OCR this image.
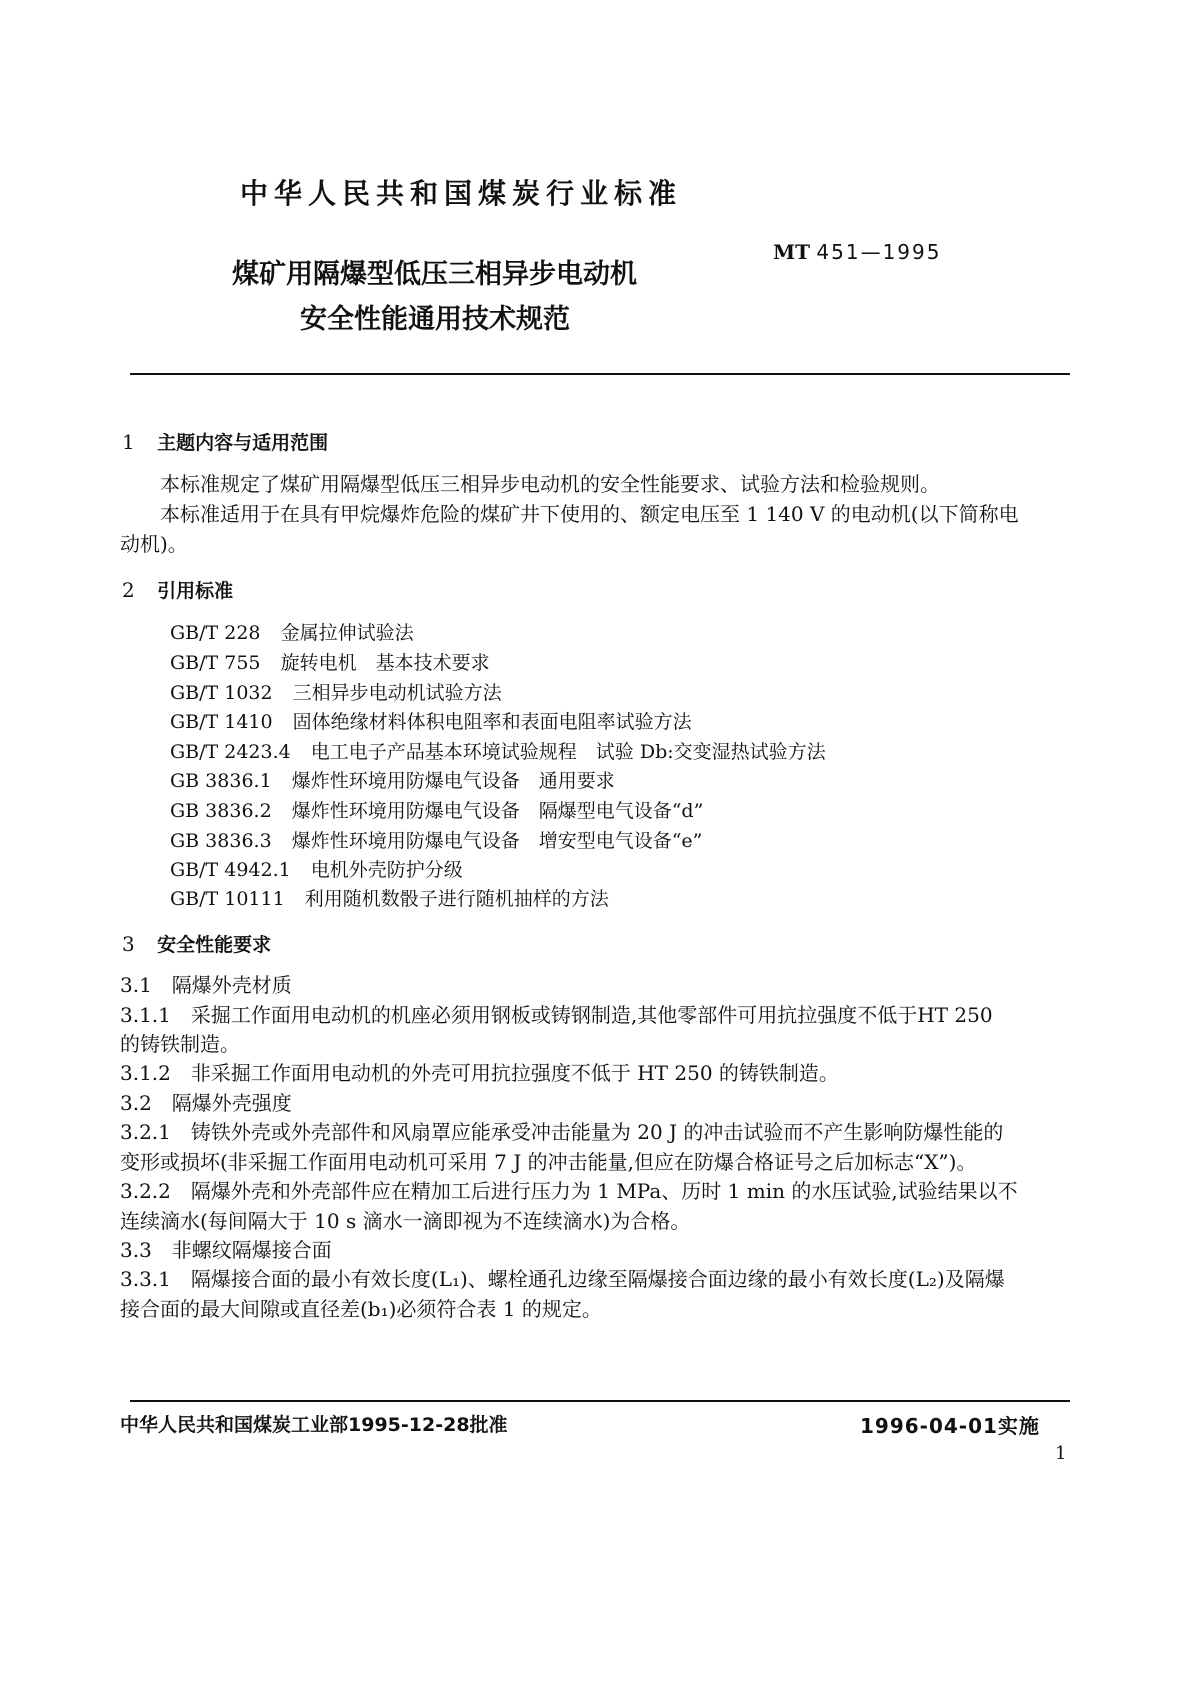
中华人民共和国煤炭行业标准
煤矿用隔爆型低压三相异步电动机
安全性能通用技术规范
MT 451—1995
1 主题内容与适用范围
本标准规定了煤矿用隔爆型低压三相异步电动机的安全性能要求、试验方法和检验规则。
本标准适用于在具有甲烷爆炸危险的煤矿井下使用的、额定电压至 1 140 V 的电动机(以下简称电
动机)。
2 引用标准
GB/T 228 金属拉伸试验法
GB/T 755 旋转电机　基本技术要求
GB/T 1032 三相异步电动机试验方法
GB/T 1410 固体绝缘材料体积电阻率和表面电阻率试验方法
GB/T 2423.4 电工电子产品基本环境试验规程　试验 Db:交变湿热试验方法
GB 3836.1 爆炸性环境用防爆电气设备　通用要求
GB 3836.2 爆炸性环境用防爆电气设备　隔爆型电气设备“d”
GB 3836.3 爆炸性环境用防爆电气设备　增安型电气设备“e”
GB/T 4942.1 电机外壳防护分级
GB/T 10111 利用随机数骰子进行随机抽样的方法
3 安全性能要求
3.1　隔爆外壳材质
3.1.1　采掘工作面用电动机的机座必须用钢板或铸钢制造,其他零部件可用抗拉强度不低于HT 250
的铸铁制造。
3.1.2　非采掘工作面用电动机的外壳可用抗拉强度不低于 HT 250 的铸铁制造。
3.2　隔爆外壳强度
3.2.1　铸铁外壳或外壳部件和风扇罩应能承受冲击能量为 20 J 的冲击试验而不产生影响防爆性能的
变形或损坏(非采掘工作面用电动机可采用 7 J 的冲击能量,但应在防爆合格证号之后加标志“X”)。
3.2.2　隔爆外壳和外壳部件应在精加工后进行压力为 1 MPa、历时 1 min 的水压试验,试验结果以不
连续滴水(每间隔大于 10 s 滴水一滴即视为不连续滴水)为合格。
3.3　非螺纹隔爆接合面
3.3.1　隔爆接合面的最小有效长度(L₁)、螺栓通孔边缘至隔爆接合面边缘的最小有效长度(L₂)及隔爆
接合面的最大间隙或直径差(b₁)必须符合表 1 的规定。
中华人民共和国煤炭工业部1995-12-28批准	1996-04-01实施
1
